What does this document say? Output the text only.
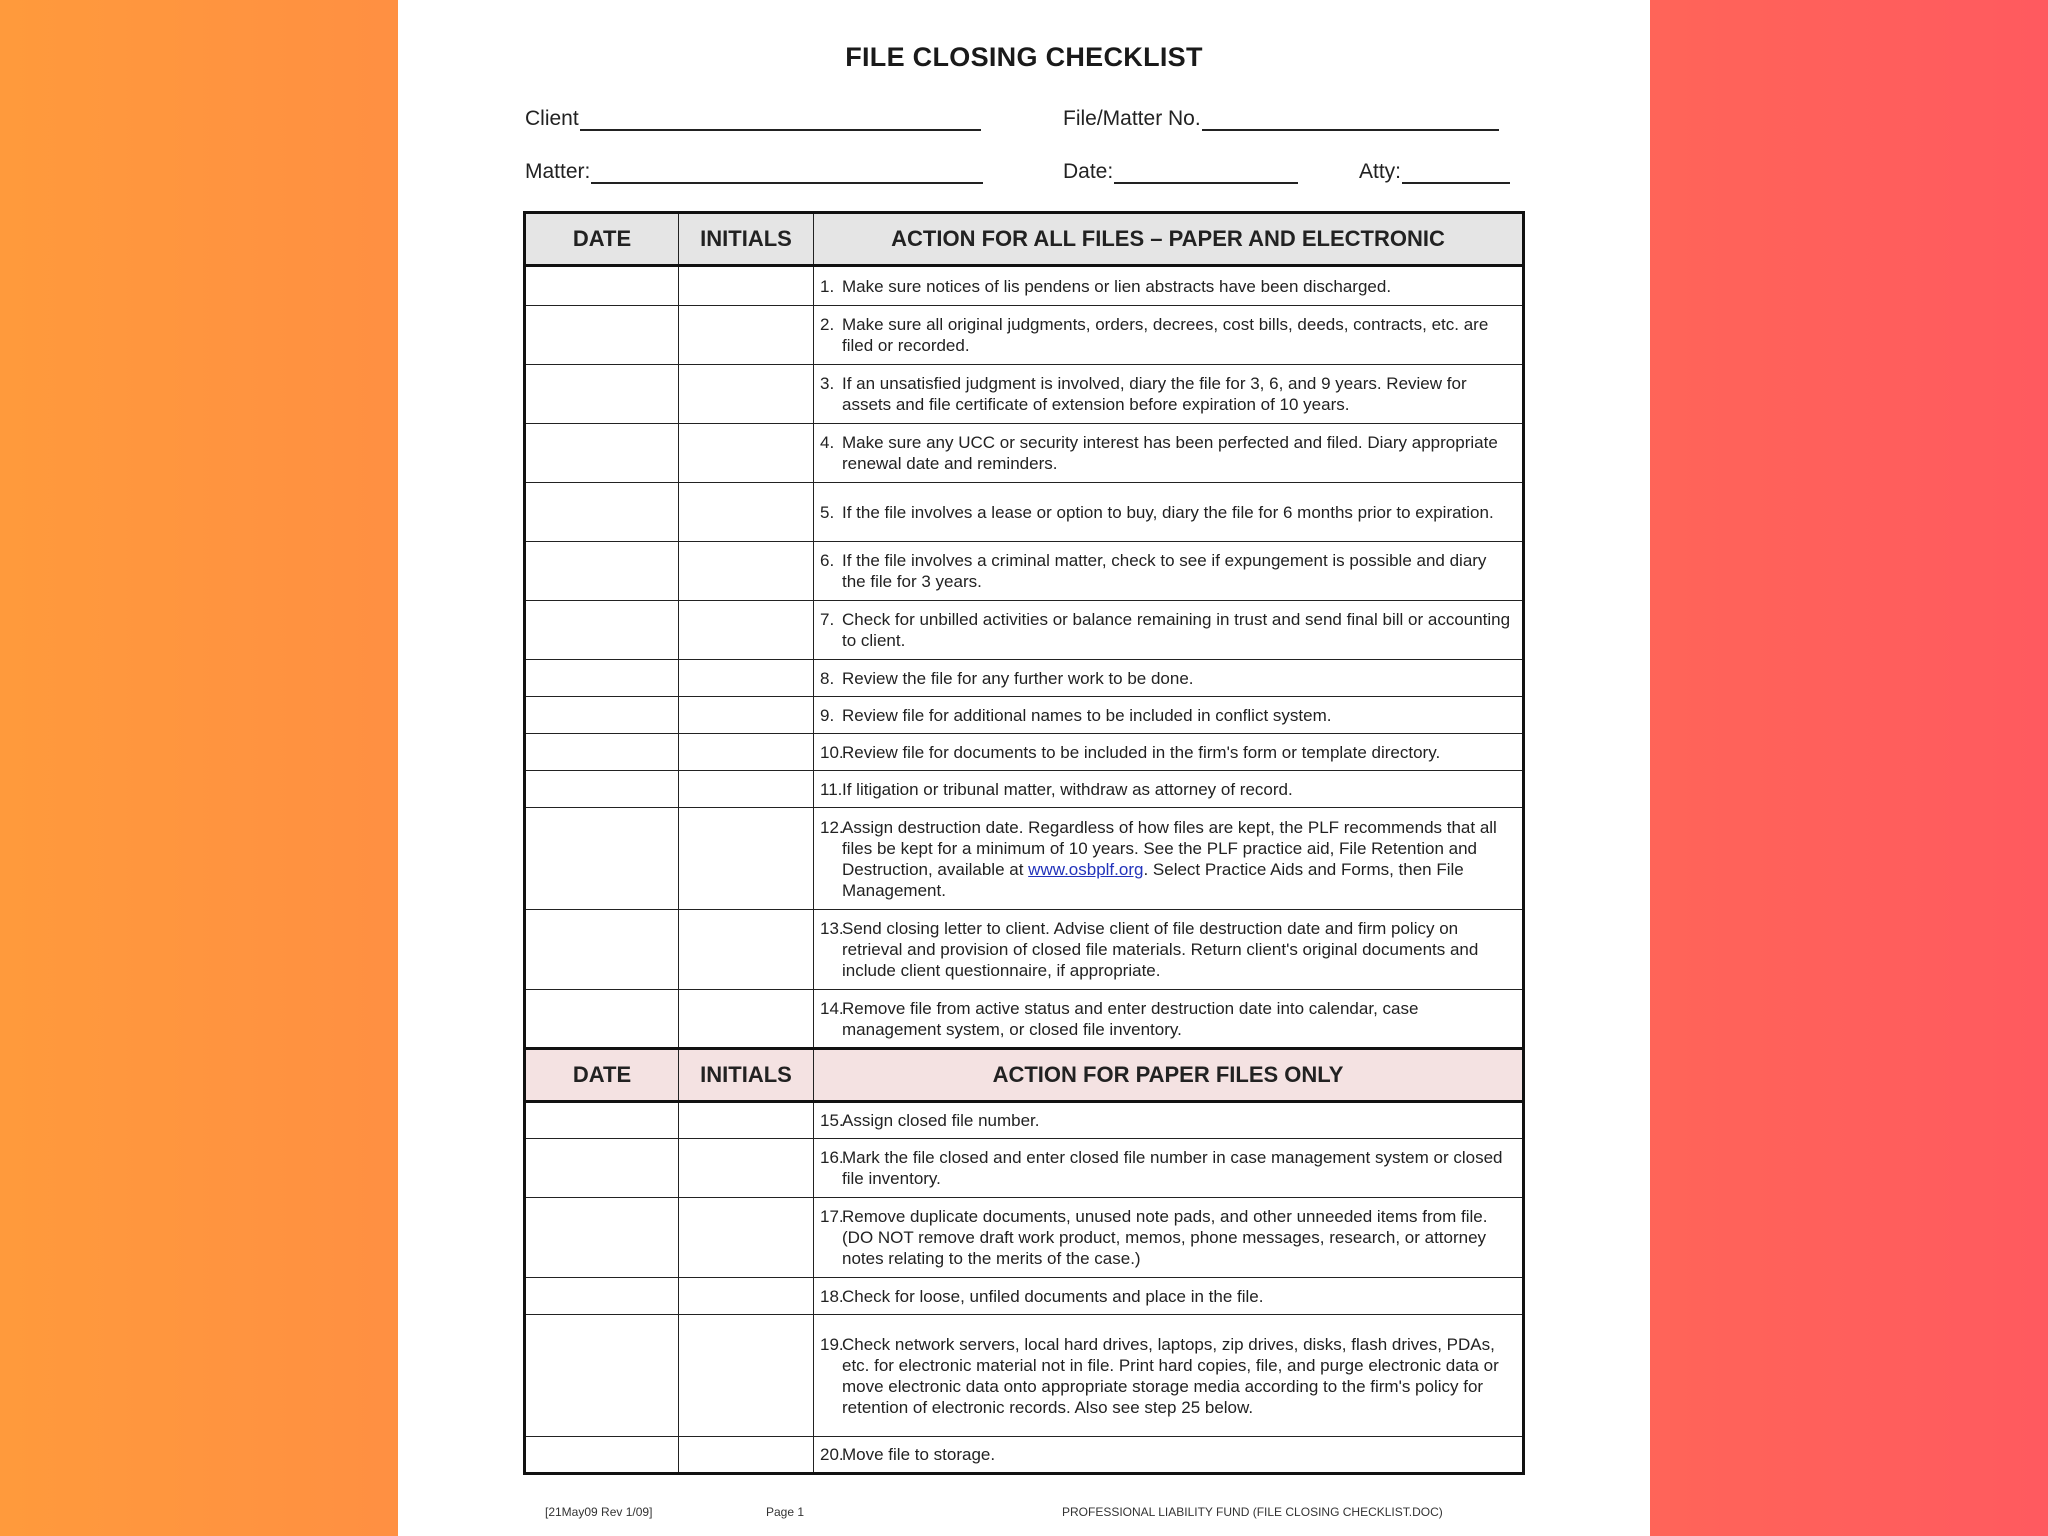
FILE CLOSING CHECKLIST
Client	File/Matter No.
Matter:	Date:	Atty:
DATE	INITIALS	ACTION FOR ALL FILES – PAPER AND ELECTRONIC
		1. Make sure notices of lis pendens or lien abstracts have been discharged.
		2. Make sure all original judgments, orders, decrees, cost bills, deeds, contracts, etc. are filed or recorded.
		3. If an unsatisfied judgment is involved, diary the file for 3, 6, and 9 years. Review for assets and file certificate of extension before expiration of 10 years.
		4. Make sure any UCC or security interest has been perfected and filed. Diary appropriate renewal date and reminders.
		5. If the file involves a lease or option to buy, diary the file for 6 months prior to expiration.
		6. If the file involves a criminal matter, check to see if expungement is possible and diary the file for 3 years.
		7. Check for unbilled activities or balance remaining in trust and send final bill or accounting to client.
		8. Review the file for any further work to be done.
		9. Review file for additional names to be included in conflict system.
		10.Review file for documents to be included in the firm's form or template directory.
		11.If litigation or tribunal matter, withdraw as attorney of record.
		12.Assign destruction date. Regardless of how files are kept, the PLF recommends that all files be kept for a minimum of 10 years. See the PLF practice aid, File Retention and Destruction, available at www.osbplf.org. Select Practice Aids and Forms, then File Management.
		13.Send closing letter to client. Advise client of file destruction date and firm policy on retrieval and provision of closed file materials. Return client's original documents and include client questionnaire, if appropriate.
		14.Remove file from active status and enter destruction date into calendar, case management system, or closed file inventory.
DATE	INITIALS	ACTION FOR PAPER FILES ONLY
		15.Assign closed file number.
		16.Mark the file closed and enter closed file number in case management system or closed file inventory.
		17.Remove duplicate documents, unused note pads, and other unneeded items from file. (DO NOT remove draft work product, memos, phone messages, research, or attorney notes relating to the merits of the case.)
		18.Check for loose, unfiled documents and place in the file.
		19.Check network servers, local hard drives, laptops, zip drives, disks, flash drives, PDAs, etc. for electronic material not in file. Print hard copies, file, and purge electronic data or move electronic data onto appropriate storage media according to the firm's policy for retention of electronic records. Also see step 25 below.
		20.Move file to storage.
[21May09 Rev 1/09]	Page 1	PROFESSIONAL LIABILITY FUND (FILE CLOSING CHECKLIST.DOC)
